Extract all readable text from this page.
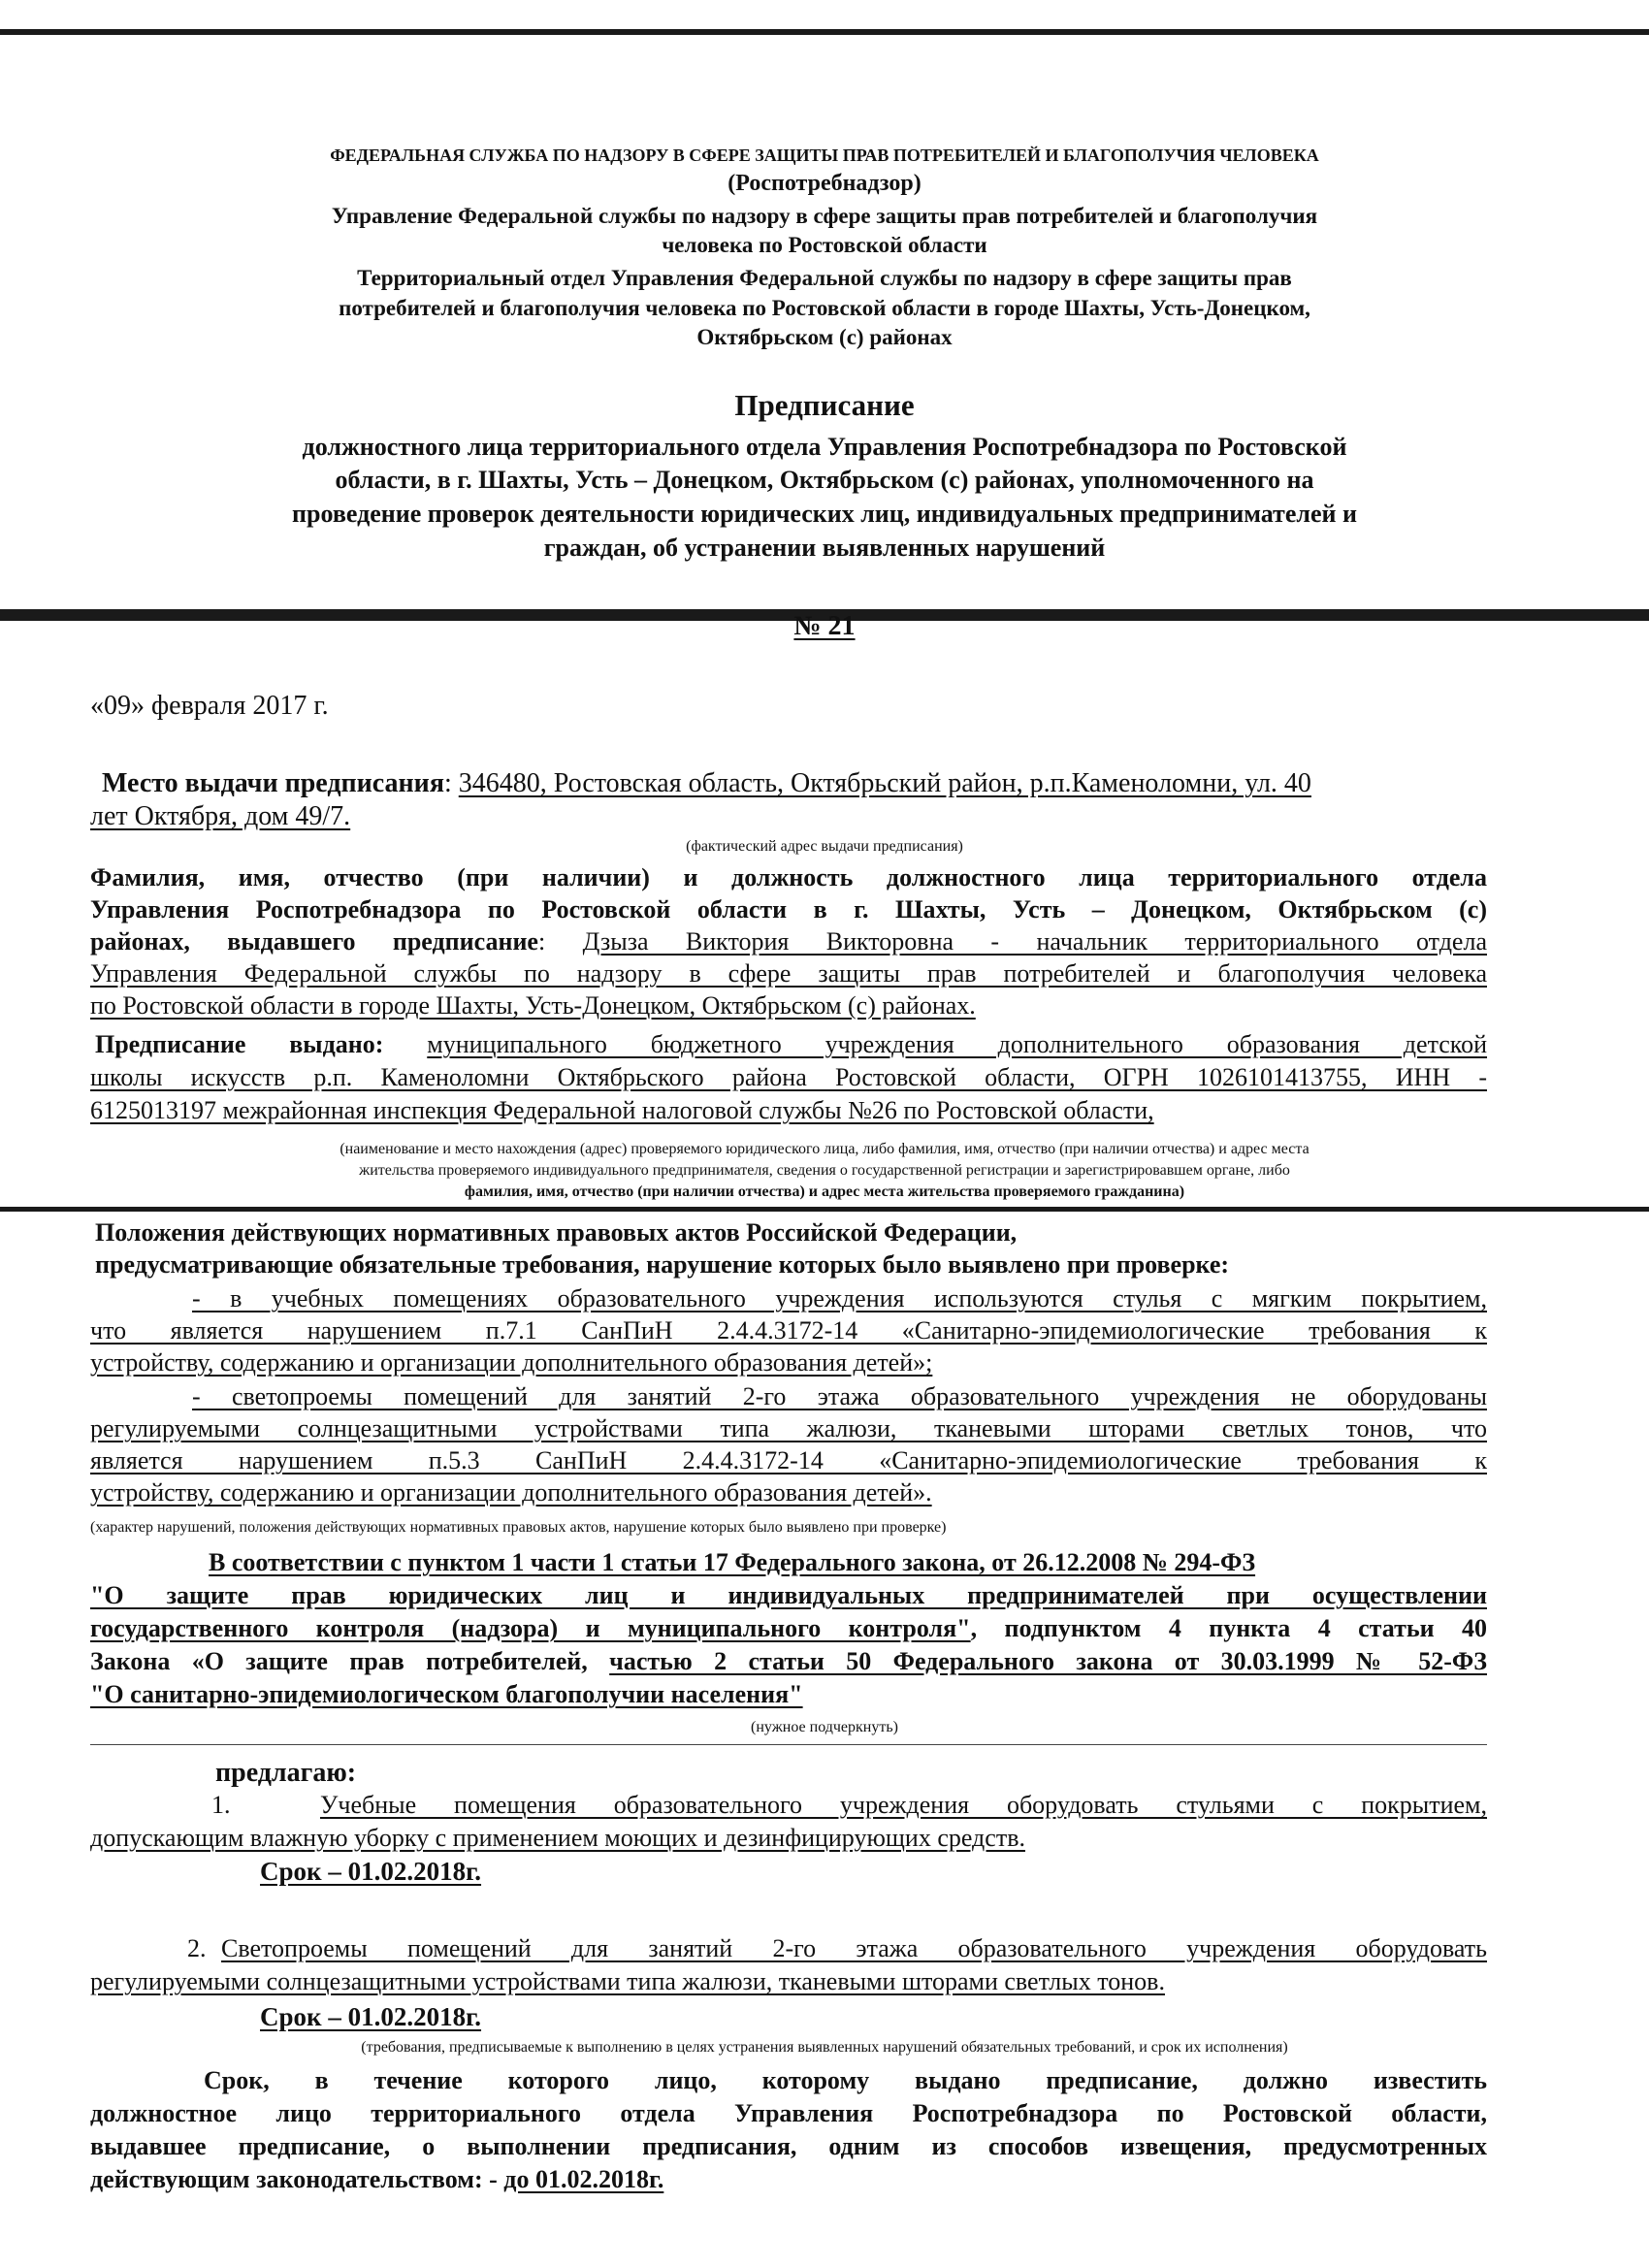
ФЕДЕРАЛЬНАЯ СЛУЖБА ПО НАДЗОРУ В СФЕРЕ ЗАЩИТЫ ПРАВ ПОТРЕБИТЕЛЕЙ И БЛАГОПОЛУЧИЯ ЧЕЛОВЕКА
(Роспотребнадзор)
Управление Федеральной службы по надзору в сфере защиты прав потребителей и благополучия
человека по Ростовской области
Территориальный отдел Управления Федеральной службы по надзору в сфере защиты прав
потребителей и благополучия человека по Ростовской области в городе Шахты, Усть-Донецком,
Октябрьском (с) районах
Предписание
должностного лица территориального отдела Управления Роспотребнадзора по Ростовской
области, в г. Шахты, Усть – Донецком, Октябрьском (с) районах, уполномоченного на
проведение проверок деятельности юридических лиц, индивидуальных предпринимателей и
граждан, об устранении выявленных нарушений
№ 21
«09» февраля 2017 г.
Место выдачи предписания: 346480, Ростовская область, Октябрьский район, р.п.Каменоломни, ул. 40
лет Октября, дом 49/7.
(фактический адрес выдачи предписания)
Фамилия, имя, отчество (при наличии) и должность должностного лица территориального отдела
Управления Роспотребнадзора по Ростовской области в г. Шахты, Усть – Донецком, Октябрьском (с)
районах, выдавшего предписание: Дзыза Виктория Викторовна - начальник территориального отдела
Управления Федеральной службы по надзору в сфере защиты прав потребителей и благополучия человека
по Ростовской области в городе Шахты, Усть-Донецком, Октябрьском (с) районах.
Предписание выдано: муниципального бюджетного учреждения дополнительного образования детской
школы искусств р.п. Каменоломни Октябрьского района Ростовской области, ОГРН 1026101413755, ИНН -
6125013197 межрайонная инспекция Федеральной налоговой службы №26 по Ростовской области,
(наименование и место нахождения (адрес) проверяемого юридического лица, либо фамилия, имя, отчество (при наличии отчества) и адрес места
жительства проверяемого индивидуального предпринимателя, сведения о государственной регистрации и зарегистрировавшем органе, либо
фамилия, имя, отчество (при наличии отчества) и адрес места жительства проверяемого гражданина)
Положения действующих нормативных правовых актов Российской Федерации,
предусматривающие обязательные требования, нарушение которых было выявлено при проверке:
- в учебных помещениях образовательного учреждения используются стулья с мягким покрытием,
что является нарушением п.7.1 СанПиН 2.4.4.3172-14 «Санитарно-эпидемиологические требования к
устройству, содержанию и организации дополнительного образования детей»;
- светопроемы помещений для занятий 2-го этажа образовательного учреждения не оборудованы
регулируемыми солнцезащитными устройствами типа жалюзи, тканевыми шторами светлых тонов, что
является нарушением п.5.3 СанПиН 2.4.4.3172-14 «Санитарно-эпидемиологические требования к
устройству, содержанию и организации дополнительного образования детей».
(характер нарушений, положения действующих нормативных правовых актов, нарушение которых было выявлено при проверке)
В соответствии с пунктом 1 части 1 статьи 17 Федерального закона, от 26.12.2008 № 294-ФЗ
"О защите прав юридических лиц и индивидуальных предпринимателей при осуществлении
государственного контроля (надзора) и муниципального контроля", подпунктом 4 пункта 4 статьи 40
Закона «О защите прав потребителей, частью 2 статьи 50 Федерального закона от 30.03.1999 № 52-ФЗ
"О санитарно-эпидемиологическом благополучии населения"
(нужное подчеркнуть)
предлагаю:
1.	Учебные помещения образовательного учреждения оборудовать стульями с покрытием,
допускающим влажную уборку с применением моющих и дезинфицирующих средств.
Срок – 01.02.2018г.
2. Светопроемы помещений для занятий 2-го этажа образовательного учреждения оборудовать
регулируемыми солнцезащитными устройствами типа жалюзи, тканевыми шторами светлых тонов.
Срок – 01.02.2018г.
(требования, предписываемые к выполнению в целях устранения выявленных нарушений обязательных требований, и срок их исполнения)
Срок, в течение которого лицо, которому выдано предписание, должно известить
должностное лицо территориального отдела Управления Роспотребнадзора по Ростовской области,
выдавшее предписание, о выполнении предписания, одним из способов извещения, предусмотренных
действующим законодательством: - до 01.02.2018г.
